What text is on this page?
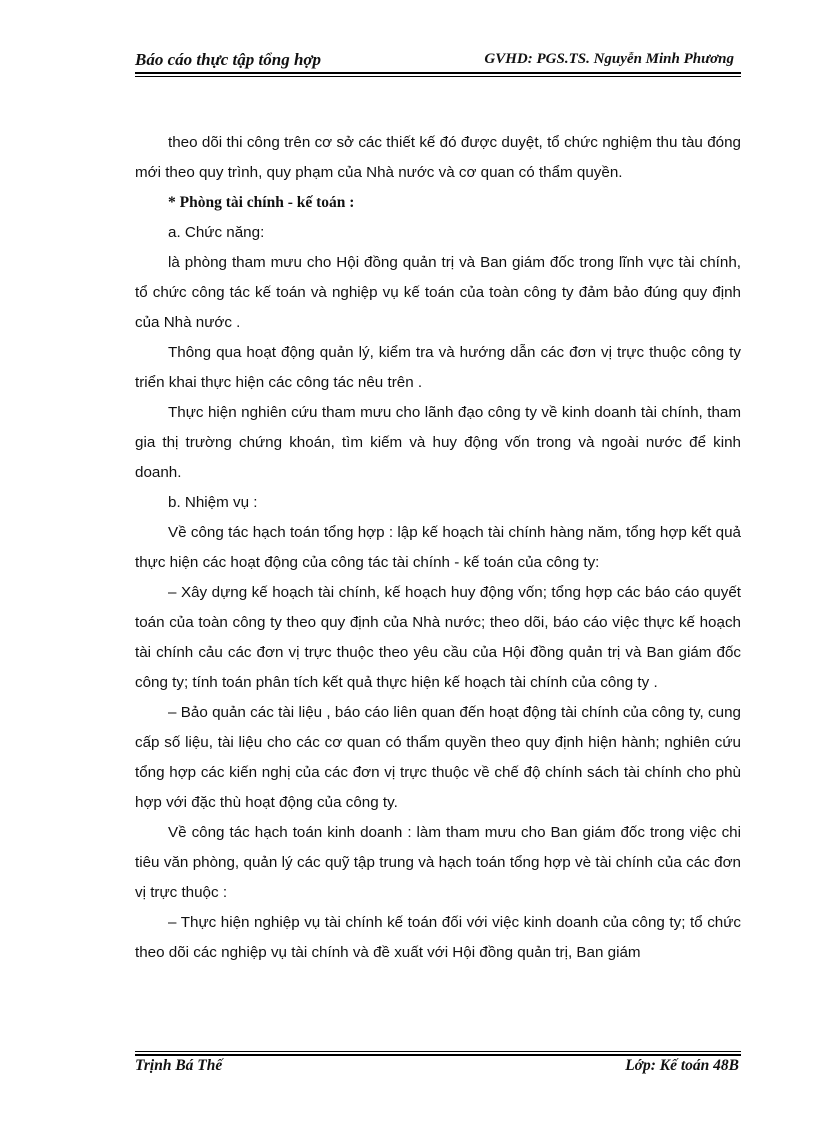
Báo cáo thực tập tổng hợp	GVHD: PGS.TS. Nguyễn Minh Phương

theo dõi thi công trên cơ sở các thiết kế đó được duyệt, tổ chức nghiệm thu tàu đóng mới theo quy trình, quy phạm của Nhà nước và cơ quan có thẩm quyền.

* Phòng tài chính - kế toán :

a. Chức năng:

là phòng tham mưu cho Hội đồng quản trị và Ban giám đốc trong lĩnh vực tài chính, tổ chức công tác kế toán và nghiệp vụ kế toán của toàn công ty đảm bảo đúng quy định của Nhà nước .

Thông qua hoạt động quản lý, kiểm tra và hướng dẫn các đơn vị trực thuộc công ty triển khai thực hiện các công tác nêu trên .

Thực hiện nghiên cứu tham mưu cho lãnh đạo công ty về kinh doanh tài chính, tham gia thị trường chứng khoán, tìm kiếm và huy động vốn trong và ngoài nước để kinh doanh.

b. Nhiệm vụ :

Về công tác hạch toán tổng hợp : lập kế hoạch tài chính hàng năm, tổng hợp kết quả thực hiện các hoạt động của công tác tài chính - kế toán của công ty:

– Xây dựng kế hoạch tài chính, kế hoạch huy động vốn; tổng hợp các báo cáo quyết toán của toàn công ty theo quy định của Nhà nước; theo dõi, báo cáo việc thực kế hoạch tài chính cảu các đơn vị trực thuộc theo yêu cầu của Hội đồng quản trị và Ban giám đốc công ty; tính toán phân tích kết quả thực hiện kế hoạch tài chính của công ty .

– Bảo quản các tài liệu , báo cáo liên quan đến hoạt động tài chính của công ty, cung cấp số liệu, tài liệu cho các cơ quan có thẩm quyền theo quy định hiện hành; nghiên cứu tổng hợp các kiến nghị của các đơn vị trực thuộc về chế độ chính sách tài chính cho phù hợp với đặc thù hoạt động của công ty.

Về công tác hạch toán kinh doanh : làm tham mưu cho Ban giám đốc trong việc chi tiêu văn phòng, quản lý các quỹ tập trung và hạch toán tổng hợp vè tài chính của các đơn vị trực thuộc :

– Thực hiện nghiệp vụ tài chính kế toán đối với việc kinh doanh của công ty; tổ chức theo dõi các nghiệp vụ tài chính và đề xuất với Hội đồng quản trị, Ban giám

Trịnh Bá Thế	Lớp: Kế toán 48B
